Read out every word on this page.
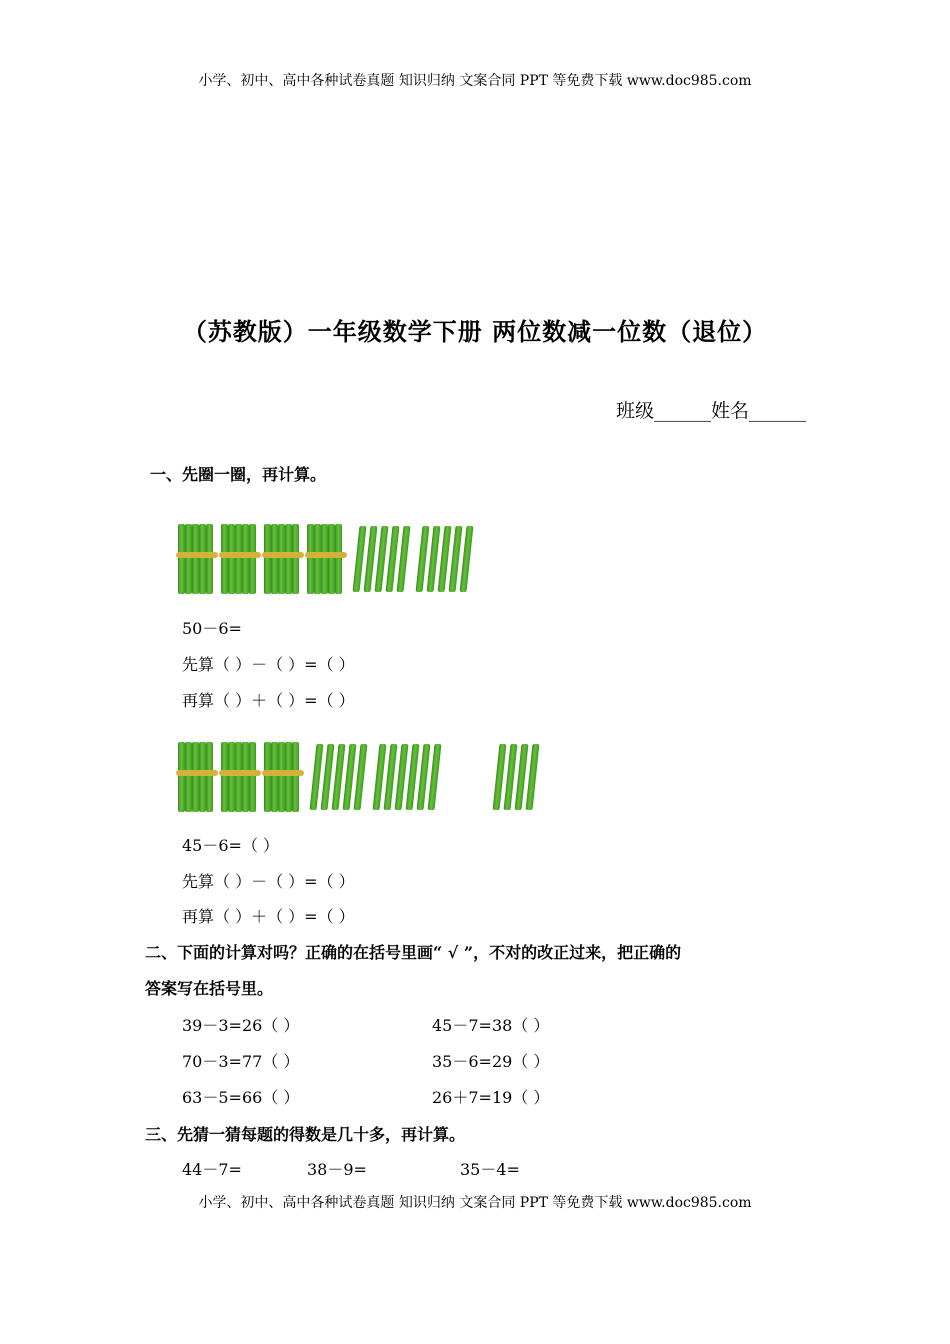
小学、初中、高中各种试卷真题 知识归纳 文案合同 PPT 等免费下载 www.doc985.com
（苏教版）一年级数学下册 两位数减一位数（退位）
班级______姓名______
一、先圈一圈，再计算。
50－6=
先算（ ）－（ ）=（ ）
再算（ ）＋（ ）=（ ）
45－6=（ ）
先算（ ）－（ ）=（ ）
再算（ ）＋（ ）=（ ）
二、下面的计算对吗？正确的在括号里画“ √ ”，不对的改正过来，把正确的
答案写在括号里。
39－3=26（ ）	45－7=38（ ）
70－3=77（ ）	35－6=29（ ）
63－5=66（ ）	26＋7=19（ ）
三、先猜一猜每题的得数是几十多，再计算。
44－7=	38－9=	35－4=
小学、初中、高中各种试卷真题 知识归纳 文案合同 PPT 等免费下载 www.doc985.com
